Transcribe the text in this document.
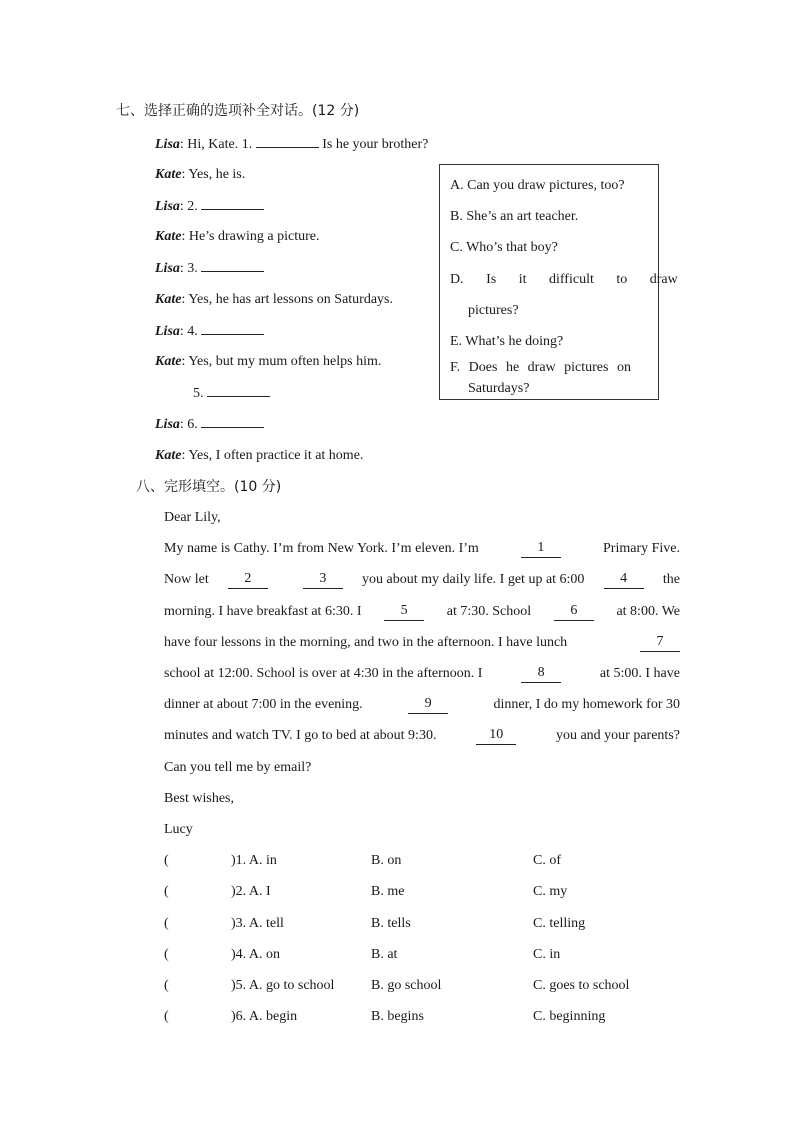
七、选择正确的选项补全对话。(12 分)
Lisa: Hi, Kate. 1.	Is he your brother?
Kate: Yes, he is.
Lisa: 2.
Kate: He’s drawing a picture.
Lisa: 3.
Kate: Yes, he has art lessons on Saturdays.
Lisa: 4.
Kate: Yes, but my mum often helps him.
5.
Lisa: 6.
Kate: Yes, I often practice it at home.
A. Can you draw pictures, too?
B. She’s an art teacher.
C. Who’s that boy?
D. Is it difficult to draw
pictures?
E. What’s he doing?
F. Does he draw pictures on
Saturdays?
八、完形填空。(10 分)
Dear Lily,
My name is Cathy. I’m from New York. I’m eleven. I’m	1	Primary Five.
Now let	2
	3	you about my daily life. I get up at 6:00	4	the
morning. I have breakfast at 6:30. I	5	at 7:30. School	6	at 8:00. We
have four lessons in the morning, and two in the afternoon. I have lunch	7
school at 12:00. School is over at 4:30 in the afternoon. I	8	at 5:00. I have
dinner at about 7:00 in the evening.	9	dinner, I do my homework for 30
minutes and watch TV. I go to bed at about 9:30.	10	you and your parents?
Can you tell me by email?
Best wishes,
Lucy
(	)1. A. in	B. on	C. of
(	)2. A. I	B. me	C. my
(	)3. A. tell	B. tells	C. telling
(	)4. A. on	B. at	C. in
(	)5. A. go to school	B. go school	C. goes to school
(	)6. A. begin	B. begins	C. beginning
